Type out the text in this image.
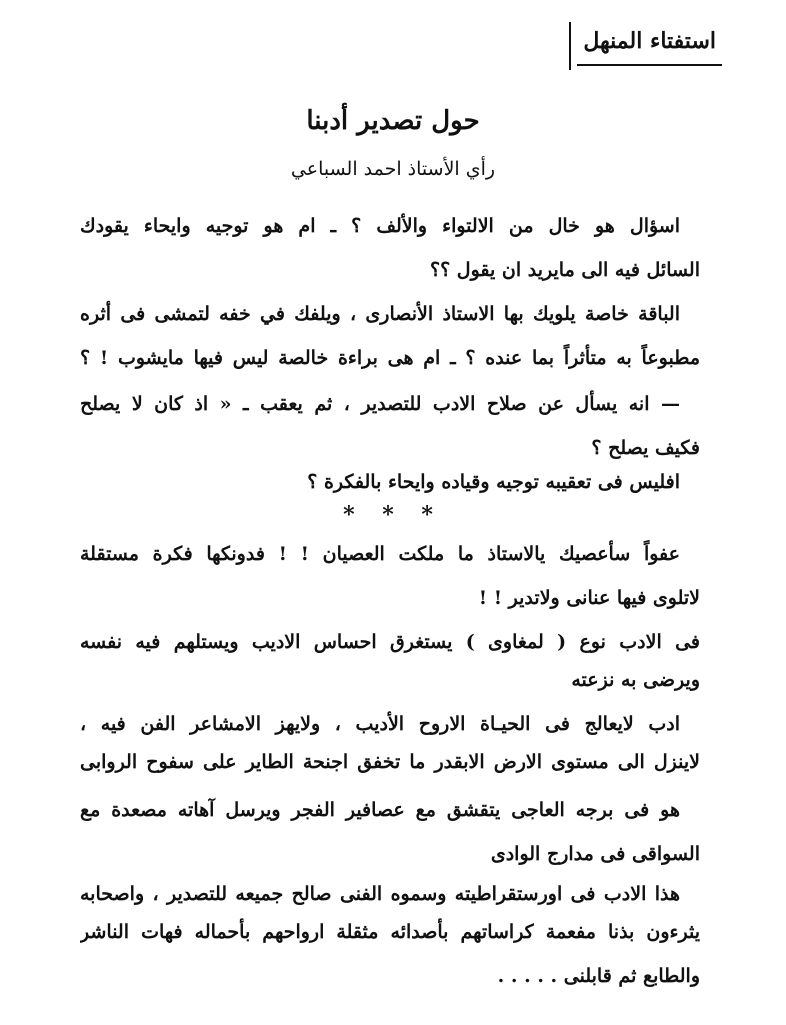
استفتاء المنهل
حول تصدير أدبنا
رأي الأستاذ احمد السباعي
اسؤال هو خال من الالتواء والألف ؟ ـ ام هو توجيه وايحاء يقودك
السائل فيه الى مايريد ان يقول ؟؟
الباقة خاصة يلويك بها الاستاذ الأنصارى ، ويلفك في خفه لتمشى فى أثره
مطبوعاً به متأثراً بما عنده ؟ ـ ام هى براءة خالصة ليس فيها مايشوب ! ؟
— انه يسأل عن صلاح الادب للتصدير ، ثم يعقب ـ « اذ كان لا يصلح
فكيف يصلح ؟
افليس فى تعقيبه توجيه وقياده وايحاء بالفكرة ؟
* * *
عفواً سأعصيك يالاستاذ ما ملكت العصيان ! ! فدونكها فكرة مستقلة
لاتلوى فيها عنانى ولاتدير ! !
فى الادب نوع ( لمغاوى ) يستغرق احساس الاديب ويستلهم فيه نفسه
ويرضى به نزعته
ادب لايعالج فى الحيـاة الاروح الأديب ، ولايهز الامشاعر الفن فيه ،
لاينزل الى مستوى الارض الابقدر ما تخفق اجنحة الطاير على سفوح الروابى
هو فى برجه العاجى يتقشق مع عصافير الفجر ويرسل آهاته مصعدة مع
السواقى فى مدارج الوادى
هذا الادب فى اورستقراطيته وسموه الفنى صالح جميعه للتصدير ، واصحابه
يثرءون بذنا مفعمة كراساتهم بأصدائه مثقلة ارواحهم بأحماله فهات الناشر
والطابع ثم قابلنى . . . . .
